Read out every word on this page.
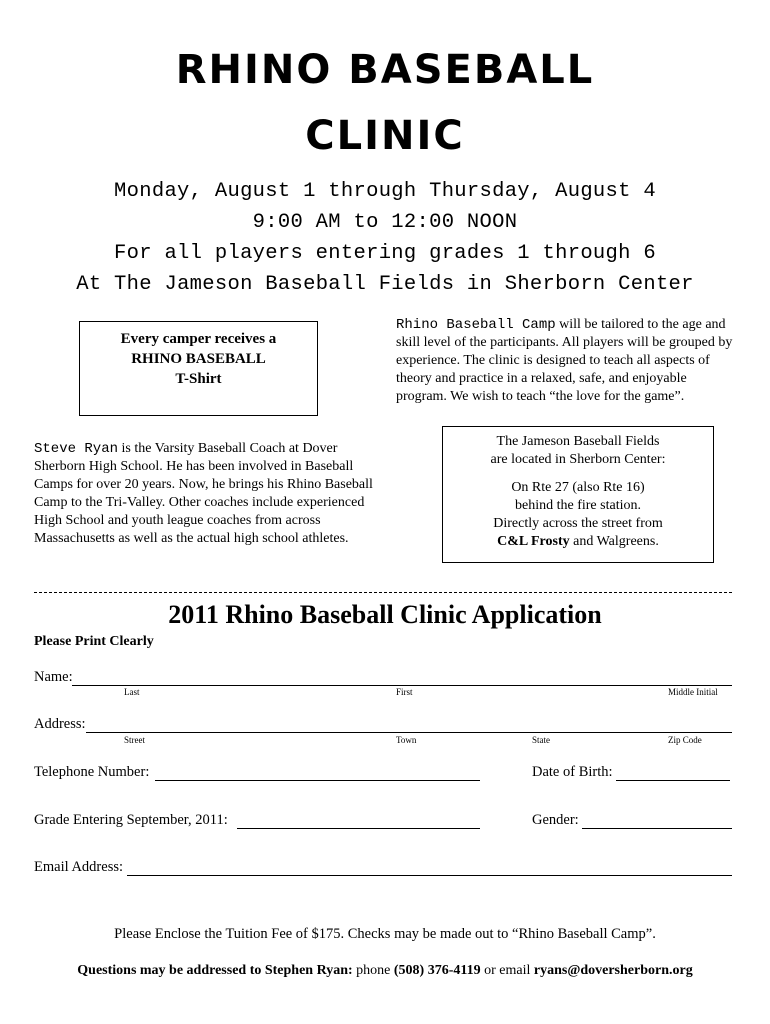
RHINO BASEBALL
CLINIC
Monday, August 1 through Thursday, August 4
9:00 AM to 12:00 NOON
For all players entering grades 1 through 6
At The Jameson Baseball Fields in Sherborn Center
Every camper receives a
RHINO BASEBALL
T-Shirt
Rhino Baseball Camp will be tailored to the age and skill level of the participants. All players will be grouped by experience. The clinic is designed to teach all aspects of theory and practice in a relaxed, safe, and enjoyable program. We wish to teach “the love for the game”.
Steve Ryan is the Varsity Baseball Coach at Dover Sherborn High School. He has been involved in Baseball Camps for over 20 years. Now, he brings his Rhino Baseball Camp to the Tri-Valley. Other coaches include experienced High School and youth league coaches from across Massachusetts as well as the actual high school athletes.
The Jameson Baseball Fields
are located in Sherborn Center:
On Rte 27 (also Rte 16)
behind the fire station.
Directly across the street from
C&L Frosty and Walgreens.
2011 Rhino Baseball Clinic Application
Please Print Clearly
Name:
Last	First	Middle Initial
Address:
Street	Town	State	Zip Code
Telephone Number:	Date of Birth:
Grade Entering September, 2011:	Gender:
Email Address:
Please Enclose the Tuition Fee of $175. Checks may be made out to “Rhino Baseball Camp”.
Questions may be addressed to Stephen Ryan: phone (508) 376-4119 or email ryans@doversherborn.org
